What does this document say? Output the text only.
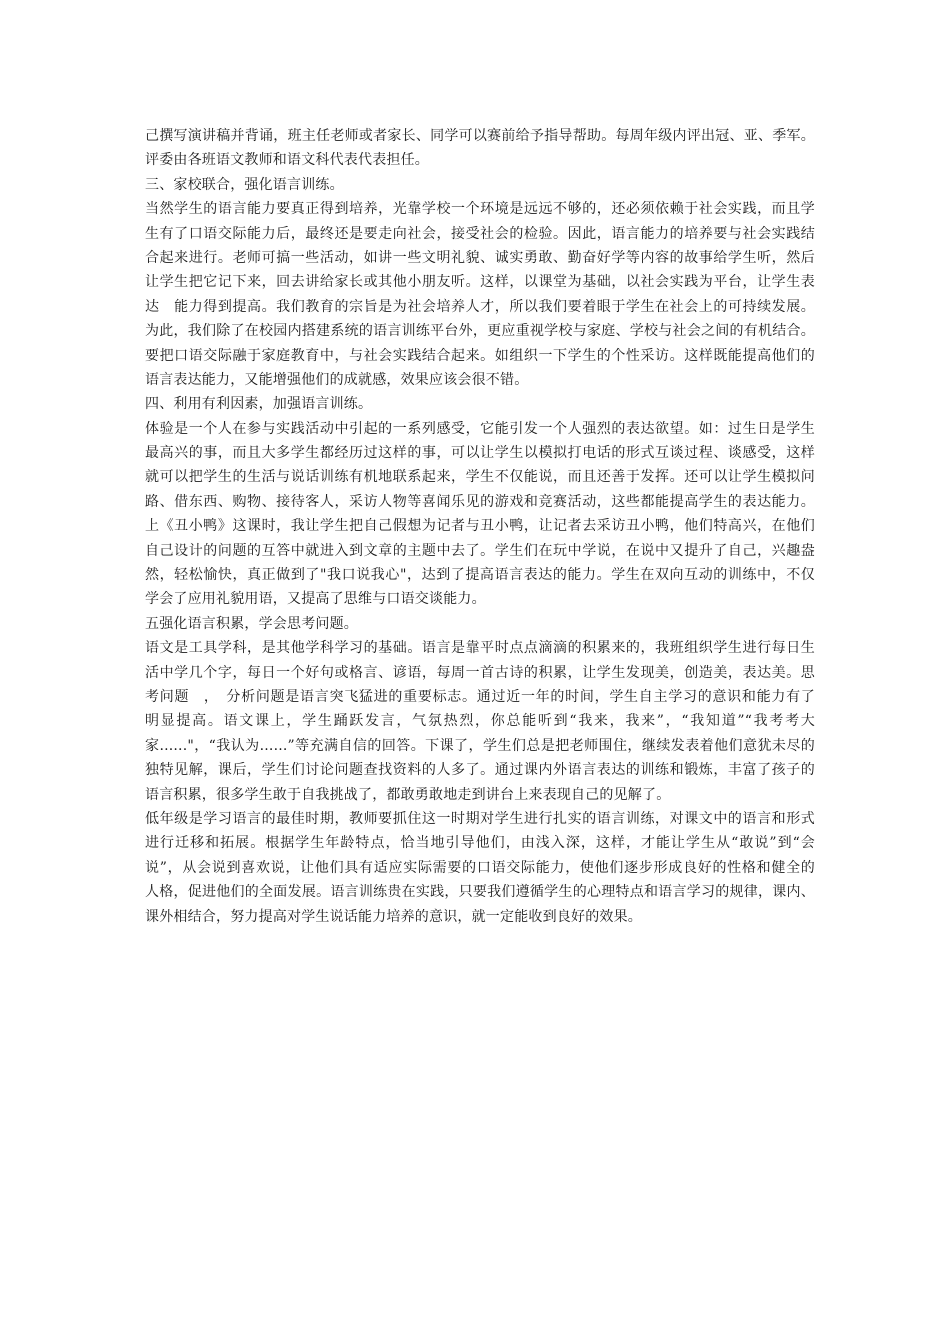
己撰写演讲稿并背诵，班主任老师或者家长、同学可以赛前给予指导帮助。每周年级内评出冠、亚、季军。
评委由各班语文教师和语文科代表代表担任。
三、家校联合，强化语言训练。
当然学生的语言能力要真正得到培养，光靠学校一个环境是远远不够的，还必须依赖于社会实践，而且学
生有了口语交际能力后，最终还是要走向社会，接受社会的检验。因此，语言能力的培养要与社会实践结
合起来进行。老师可搞一些活动，如讲一些文明礼貌、诚实勇敢、勤奋好学等内容的故事给学生听，然后
让学生把它记下来，回去讲给家长或其他小朋友听。这样，以课堂为基础，以社会实践为平台，让学生表
达　能力得到提高。我们教育的宗旨是为社会培养人才，所以我们要着眼于学生在社会上的可持续发展。
为此，我们除了在校园内搭建系统的语言训练平台外，更应重视学校与家庭、学校与社会之间的有机结合。
要把口语交际融于家庭教育中，与社会实践结合起来。如组织一下学生的个性采访。这样既能提高他们的
语言表达能力，又能增强他们的成就感，效果应该会很不错。
四、利用有利因素，加强语言训练。
体验是一个人在参与实践活动中引起的一系列感受，它能引发一个人强烈的表达欲望。如：过生日是学生
最高兴的事，而且大多学生都经历过这样的事，可以让学生以模拟打电话的形式互谈过程、谈感受，这样
就可以把学生的生活与说话训练有机地联系起来，学生不仅能说，而且还善于发挥。还可以让学生模拟问
路、借东西、购物、接待客人，采访人物等喜闻乐见的游戏和竞赛活动，这些都能提高学生的表达能力。
上《丑小鸭》这课时，我让学生把自己假想为记者与丑小鸭，让记者去采访丑小鸭，他们特高兴，在他们
自己设计的问题的互答中就进入到文章的主题中去了。学生们在玩中学说，在说中又提升了自己，兴趣盎
然，轻松愉快，真正做到了"我口说我心"，达到了提高语言表达的能力。学生在双向互动的训练中，不仅
学会了应用礼貌用语，又提高了思维与口语交谈能力。
五强化语言积累，学会思考问题。
语文是工具学科，是其他学科学习的基础。语言是靠平时点点滴滴的积累来的，我班组织学生进行每日生
活中学几个字，每日一个好句或格言、谚语，每周一首古诗的积累，让学生发现美，创造美，表达美。思
考问题　，　分析问题是语言突飞猛进的重要标志。通过近一年的时间，学生自主学习的意识和能力有了
明显提高。语文课上，学生踊跃发言，气氛热烈，你总能听到“我来，我来”，“我知道”“我考考大
家......"，“我认为......”等充满自信的回答。下课了，学生们总是把老师围住，继续发表着他们意犹未尽的
独特见解，课后，学生们讨论问题查找资料的人多了。通过课内外语言表达的训练和锻炼，丰富了孩子的
语言积累，很多学生敢于自我挑战了，都敢勇敢地走到讲台上来表现自己的见解了。
低年级是学习语言的最佳时期，教师要抓住这一时期对学生进行扎实的语言训练，对课文中的语言和形式
进行迁移和拓展。根据学生年龄特点，恰当地引导他们，由浅入深，这样，才能让学生从“敢说”到“会
说”，从会说到喜欢说，让他们具有适应实际需要的口语交际能力，使他们逐步形成良好的性格和健全的
人格，促进他们的全面发展。语言训练贵在实践，只要我们遵循学生的心理特点和语言学习的规律，课内、
课外相结合，努力提高对学生说话能力培养的意识，就一定能收到良好的效果。
